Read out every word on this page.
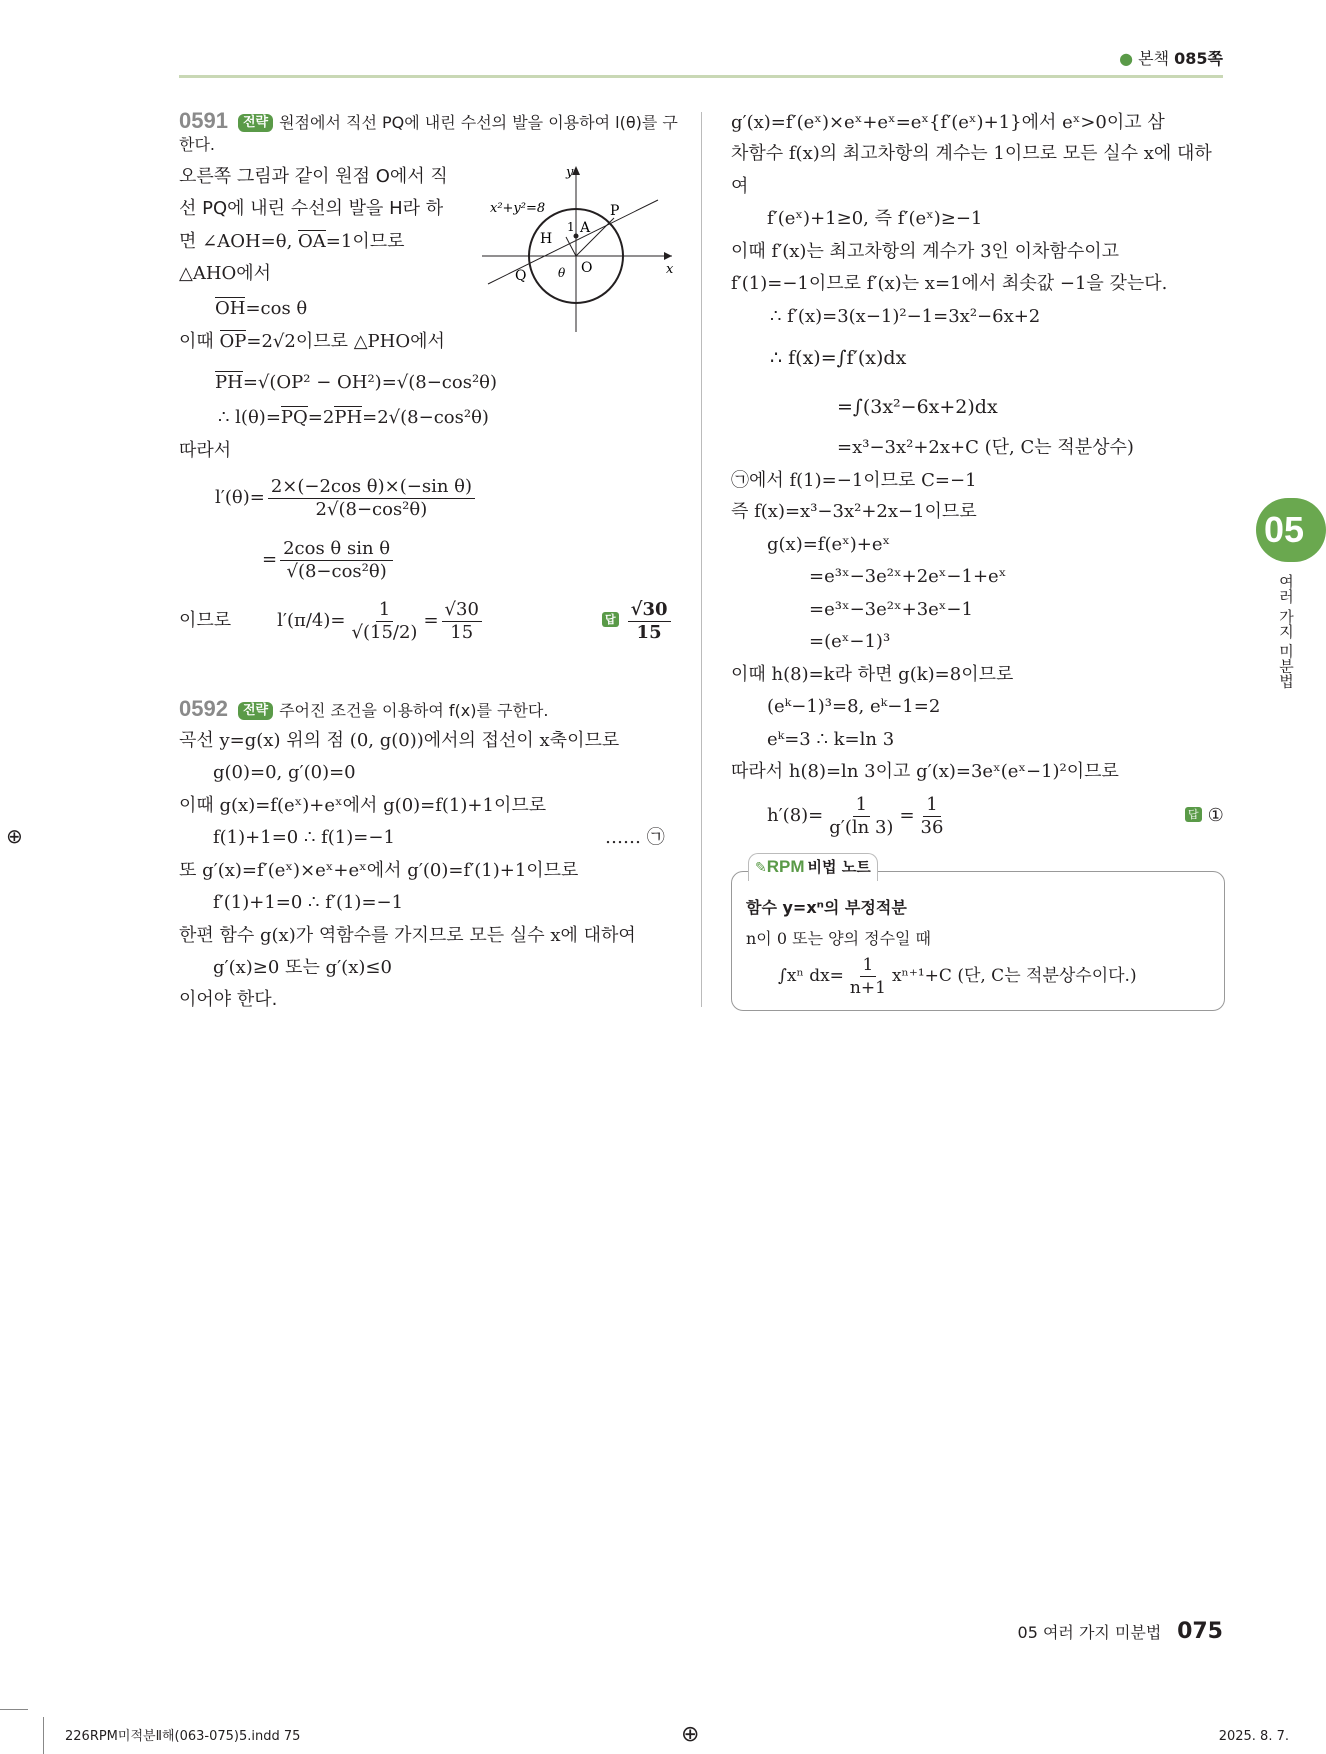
● 본책 085쪽
0591 전략 원점에서 직선 PQ에 내린 수선의 발을 이용하여 l(θ)를 구
한다.
오른쪽 그림과 같이 원점 O에서 직
선 PQ에 내린 수선의 발을 H라 하
면 ∠AOH=θ, OA=1이므로
△AHO에서
OH=cos θ
이때 OP=2√2이므로 △PHO에서
PH=√(OP² − OH²)=√(8−cos²θ)
∴ l(θ)=PQ=2PH=2√(8−cos²θ)
따라서
$l'(\theta)= \frac{\text{2×(−2cos θ)×(−sin θ)}}{\text{2√(8−cos²θ)}}$
= $\frac{\text{2cos θ sin θ}}{\text{√(8−cos²θ)}}$
이므로	$l'(\pi/4)= \frac{1}{√(15/2)} = \frac{√30}{15}$	답 $\frac{√30}{15}$
y
x
P
A
H
1
O
Q	θ
x²+y²=8
0592 전략 주어진 조건을 이용하여 f(x)를 구한다.
곡선 y=g(x) 위의 점 (0, g(0))에서의 접선이 x축이므로
g(0)=0, g′(0)=0
이때 g(x)=f(eˣ)+eˣ에서 g(0)=f(1)+1이므로
f(1)+1=0 ∴ f(1)=−1	…… ㉠
또 g′(x)=f′(eˣ)×eˣ+eˣ에서 g′(0)=f′(1)+1이므로
f′(1)+1=0 ∴ f′(1)=−1
한편 함수 g(x)가 역함수를 가지므로 모든 실수 x에 대하여
g′(x)≥0 또는 g′(x)≤0
이어야 한다.
g′(x)=f′(eˣ)×eˣ+eˣ=eˣ{f′(eˣ)+1}에서 eˣ>0이고 삼
차함수 f(x)의 최고차항의 계수는 1이므로 모든 실수 x에 대하
여
f′(eˣ)+1≥0, 즉 f′(eˣ)≥−1
이때 f′(x)는 최고차항의 계수가 3인 이차함수이고
f′(1)=−1이므로 f′(x)는 x=1에서 최솟값 −1을 갖는다.
∴ f′(x)=3(x−1)²−1=3x²−6x+2
∴ f(x)=∫f′(x)dx
=∫(3x²−6x+2)dx
=x³−3x²+2x+C (단, C는 적분상수)
㉠에서 f(1)=−1이므로 C=−1
즉 f(x)=x³−3x²+2x−1이므로
g(x)=f(eˣ)+eˣ
=e³ˣ−3e²ˣ+2eˣ−1+eˣ
=e³ˣ−3e²ˣ+3eˣ−1
=(eˣ−1)³
이때 h(8)=k라 하면 g(k)=8이므로
(eᵏ−1)³=8, eᵏ−1=2
eᵏ=3 ∴ k=ln 3
따라서 h(8)=ln 3이고 g′(x)=3eˣ(eˣ−1)²이므로
$h'(8)= \frac{1}{g'(\ln 3)} = \frac{1}{36}$	답 ①
✎RPM 비법 노트
함수 y=xⁿ의 부정적분
n이 0 또는 양의 정수일 때
∫xⁿ $dx= \frac{1}{n+1} x^{n+1}+C$ (단, C는 적분상수이다.)
05
여러 가지 미분법
⊕
05 여러 가지 미분법 075
226RPM미적분Ⅱ해(063-075)5.indd 75	⊕	2025. 8. 7.
